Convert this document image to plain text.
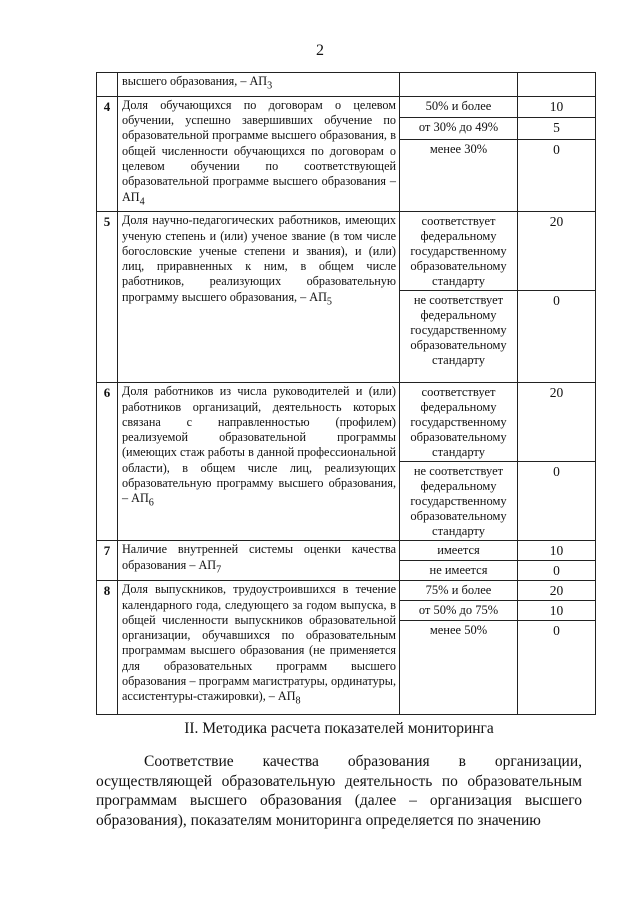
2
	высшего образования, – $АП_3$		
4	Доля обучающихся по договорам о целевом обучении, успешно завершивших обучение по образовательной программе высшего образования, в общей численности обучающихся по договорам о целевом обучении по соответствующей образовательной программе высшего образования – $АП_4$	50% и более	10
		от 30% до 49%	5
		менее 30%	0
5	Доля научно-педагогических работников, имеющих ученую степень и (или) ученое звание (в том числе богословские ученые степени и звания), и (или) лиц, приравненных к ним, в общем числе работников, реализующих образовательную программу высшего образования, – $АП_5$	соответствует федеральному государственному образовательному стандарту	20
		не соответствует федеральному государственному образовательному стандарту	0
6	Доля работников из числа руководителей и (или) работников организаций, деятельность которых связана с направленностью (профилем) реализуемой образовательной программы (имеющих стаж работы в данной профессиональной области), в общем числе лиц, реализующих образовательную программу высшего образования, – $АП_6$	соответствует федеральному государственному образовательному стандарту	20
		не соответствует федеральному государственному образовательному стандарту	0
7	Наличие внутренней системы оценки качества образования – $АП_7$	имеется	10
		не имеется	0
8	Доля выпускников, трудоустроившихся в течение календарного года, следующего за годом выпуска, в общей численности выпускников образовательной организации, обучавшихся по образовательным программам высшего образования (не применяется для образовательных программ высшего образования – программ магистратуры, ординатуры, ассистентуры-стажировки), – $АП_8$	75% и более	20
		от 50% до 75%	10
		менее 50%	0
II. Методика расчета показателей мониторинга
Соответствие качества образования в организации, осуществляющей образовательную деятельность по образовательным программам высшего образования (далее – организация высшего образования), показателям мониторинга определяется по значению
